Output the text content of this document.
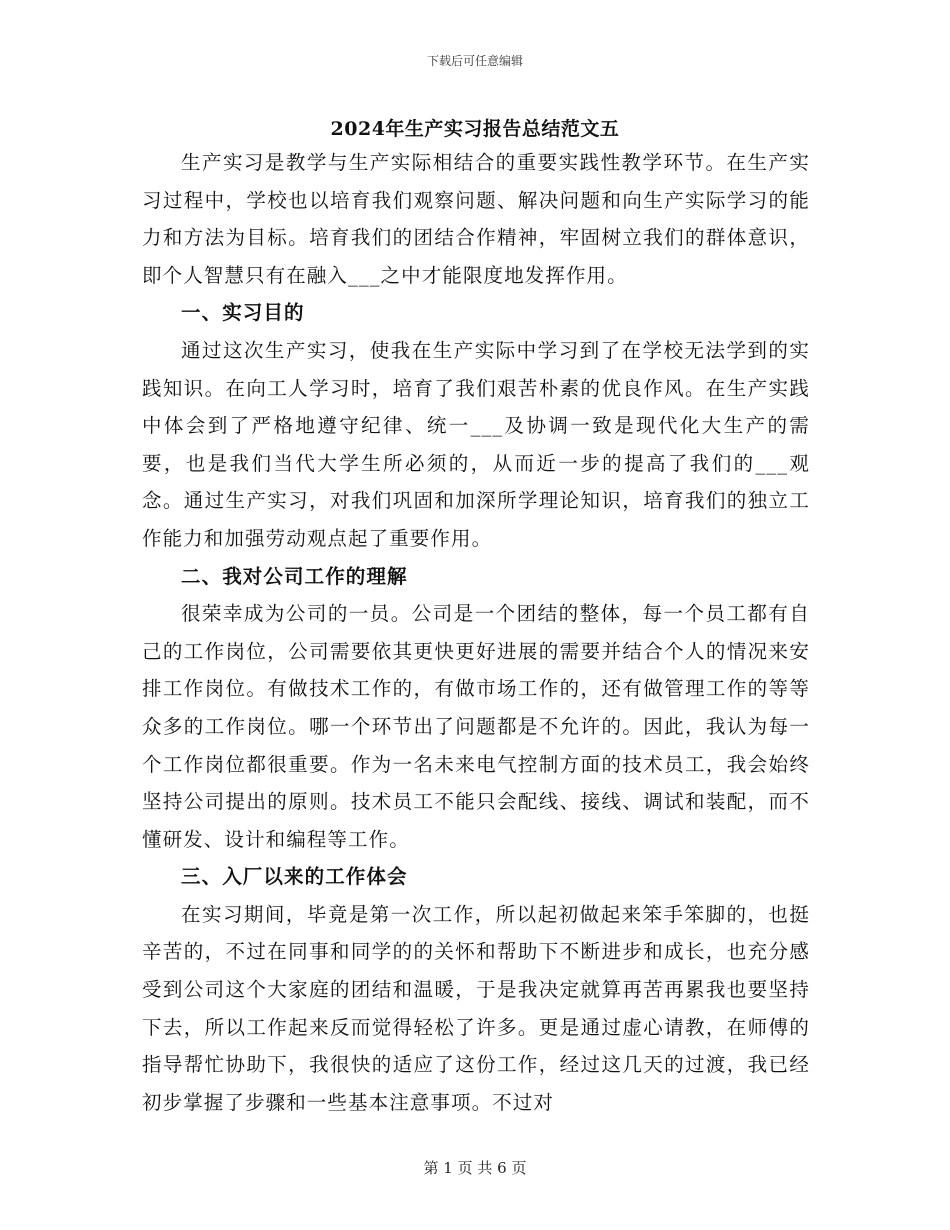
下载后可任意编辑
2024年生产实习报告总结范文五

生产实习是教学与生产实际相结合的重要实践性教学环节。在生产实习过程中，学校也以培育我们观察问题、解决问题和向生产实际学习的能力和方法为目标。培育我们的团结合作精神，牢固树立我们的群体意识，即个人智慧只有在融入___之中才能限度地发挥作用。

一、实习目的

通过这次生产实习，使我在生产实际中学习到了在学校无法学到的实践知识。在向工人学习时，培育了我们艰苦朴素的优良作风。在生产实践中体会到了严格地遵守纪律、统一___及协调一致是现代化大生产的需要，也是我们当代大学生所必须的，从而近一步的提高了我们的___观念。通过生产实习，对我们巩固和加深所学理论知识，培育我们的独立工作能力和加强劳动观点起了重要作用。

二、我对公司工作的理解

很荣幸成为公司的一员。公司是一个团结的整体，每一个员工都有自己的工作岗位，公司需要依其更快更好进展的需要并结合个人的情况来安排工作岗位。有做技术工作的，有做市场工作的，还有做管理工作的等等众多的工作岗位。哪一个环节出了问题都是不允许的。因此，我认为每一个工作岗位都很重要。作为一名未来电气控制方面的技术员工，我会始终坚持公司提出的原则。技术员工不能只会配线、接线、调试和装配，而不懂研发、设计和编程等工作。

三、入厂以来的工作体会

在实习期间，毕竟是第一次工作，所以起初做起来笨手笨脚的，也挺辛苦的，不过在同事和同学的的关怀和帮助下不断进步和成长，也充分感受到公司这个大家庭的团结和温暖，于是我决定就算再苦再累我也要坚持下去，所以工作起来反而觉得轻松了许多。更是通过虚心请教，在师傅的指导帮忙协助下，我很快的适应了这份工作，经过这几天的过渡，我已经初步掌握了步骤和一些基本注意事项。不过对

第 1 页 共 6 页
